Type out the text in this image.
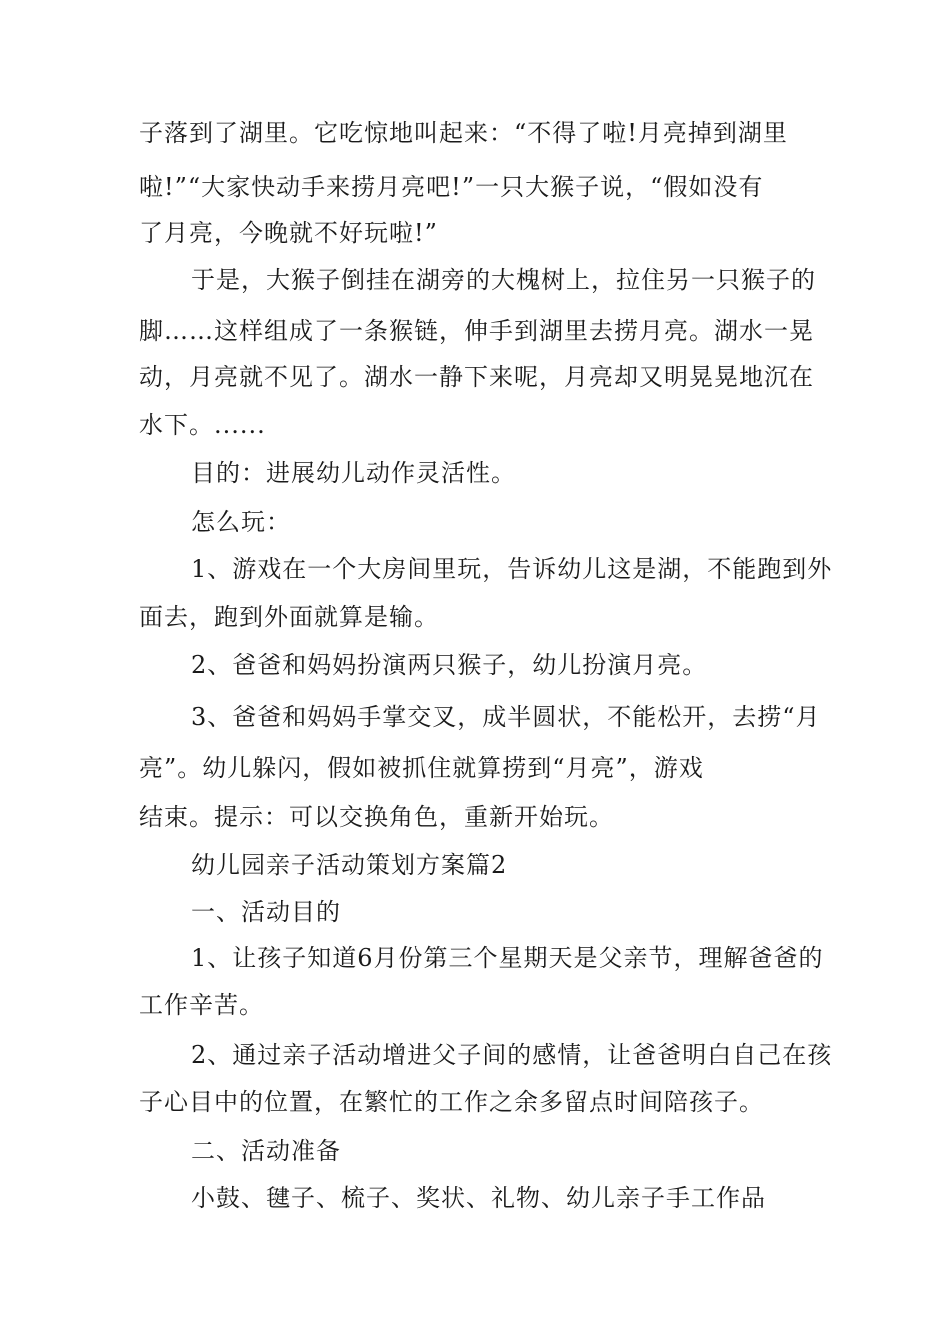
子落到了湖里。它吃惊地叫起来：“不得了啦!月亮掉到湖里
啦!”“大家快动手来捞月亮吧!”一只大猴子说，“假如没有
了月亮，今晚就不好玩啦!”
于是，大猴子倒挂在湖旁的大槐树上，拉住另一只猴子的
脚……这样组成了一条猴链，伸手到湖里去捞月亮。湖水一晃
动，月亮就不见了。湖水一静下来呢，月亮却又明晃晃地沉在
水下。......
目的：进展幼儿动作灵活性。
怎么玩：
1、游戏在一个大房间里玩，告诉幼儿这是湖，不能跑到外
面去，跑到外面就算是输。
2、爸爸和妈妈扮演两只猴子，幼儿扮演月亮。
3、爸爸和妈妈手掌交叉，成半圆状，不能松开，去捞“月
亮”。幼儿躲闪，假如被抓住就算捞到“月亮”，游戏
结束。提示：可以交换角色，重新开始玩。
幼儿园亲子活动策划方案篇2
一、活动目的
1、让孩子知道6月份第三个星期天是父亲节，理解爸爸的
工作辛苦。
2、通过亲子活动增进父子间的感情，让爸爸明白自己在孩
子心目中的位置，在繁忙的工作之余多留点时间陪孩子。
二、活动准备
小鼓、毽子、梳子、奖状、礼物、幼儿亲子手工作品
